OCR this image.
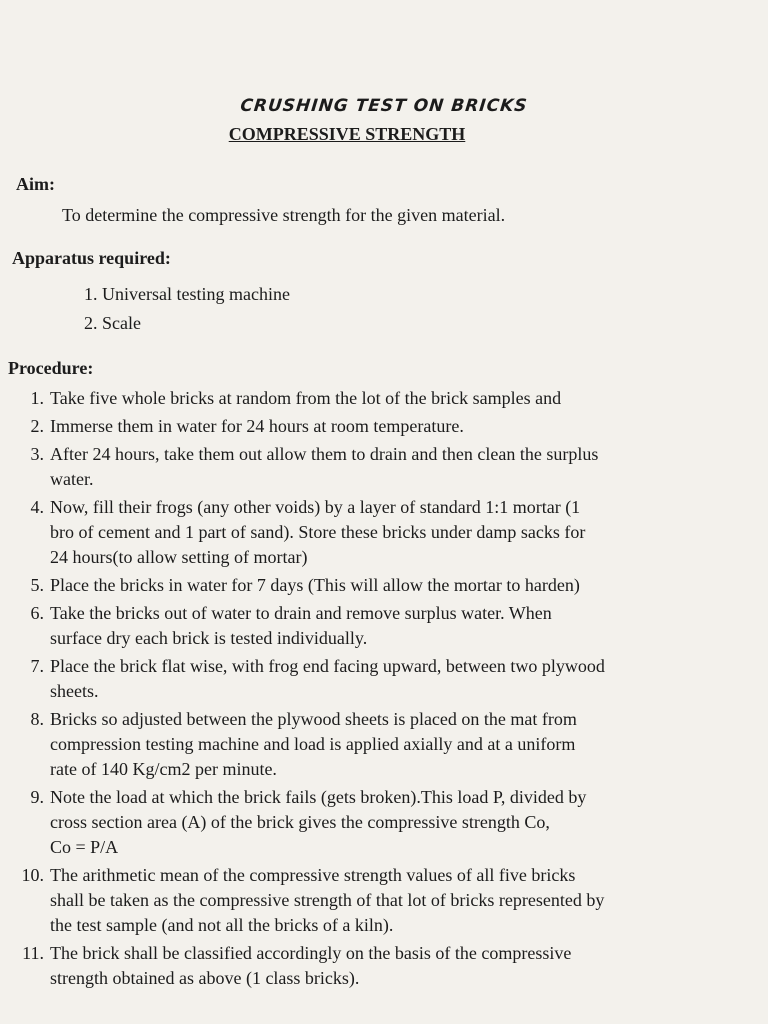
CRUSHING TEST ON BRICKS
COMPRESSIVE STRENGTH
Aim:
To determine the compressive strength for the given material.
Apparatus required:
1. Universal testing machine
2. Scale
Procedure:
1. Take five whole bricks at random from the lot of the brick samples and
2. Immerse them in water for 24 hours at room temperature.
3. After 24 hours, take them out allow them to drain and then clean the surplus
water.
4. Now, fill their frogs (any other voids) by a layer of standard 1:1 mortar (1
bro of cement and 1 part of sand). Store these bricks under damp sacks for
24 hours(to allow setting of mortar)
5. Place the bricks in water for 7 days (This will allow the mortar to harden)
6. Take the bricks out of water to drain and remove surplus water. When
surface dry each brick is tested individually.
7. Place the brick flat wise, with frog end facing upward, between two plywood
sheets.
8. Bricks so adjusted between the plywood sheets is placed on the mat from
compression testing machine and load is applied axially and at a uniform
rate of 140 Kg/cm2 per minute.
9. Note the load at which the brick fails (gets broken).This load P, divided by
cross section area (A) of the brick gives the compressive strength Co,
Co = P/A
10. The arithmetic mean of the compressive strength values of all five bricks
shall be taken as the compressive strength of that lot of bricks represented by
the test sample (and not all the bricks of a kiln).
11. The brick shall be classified accordingly on the basis of the compressive
strength obtained as above (1 class bricks).
